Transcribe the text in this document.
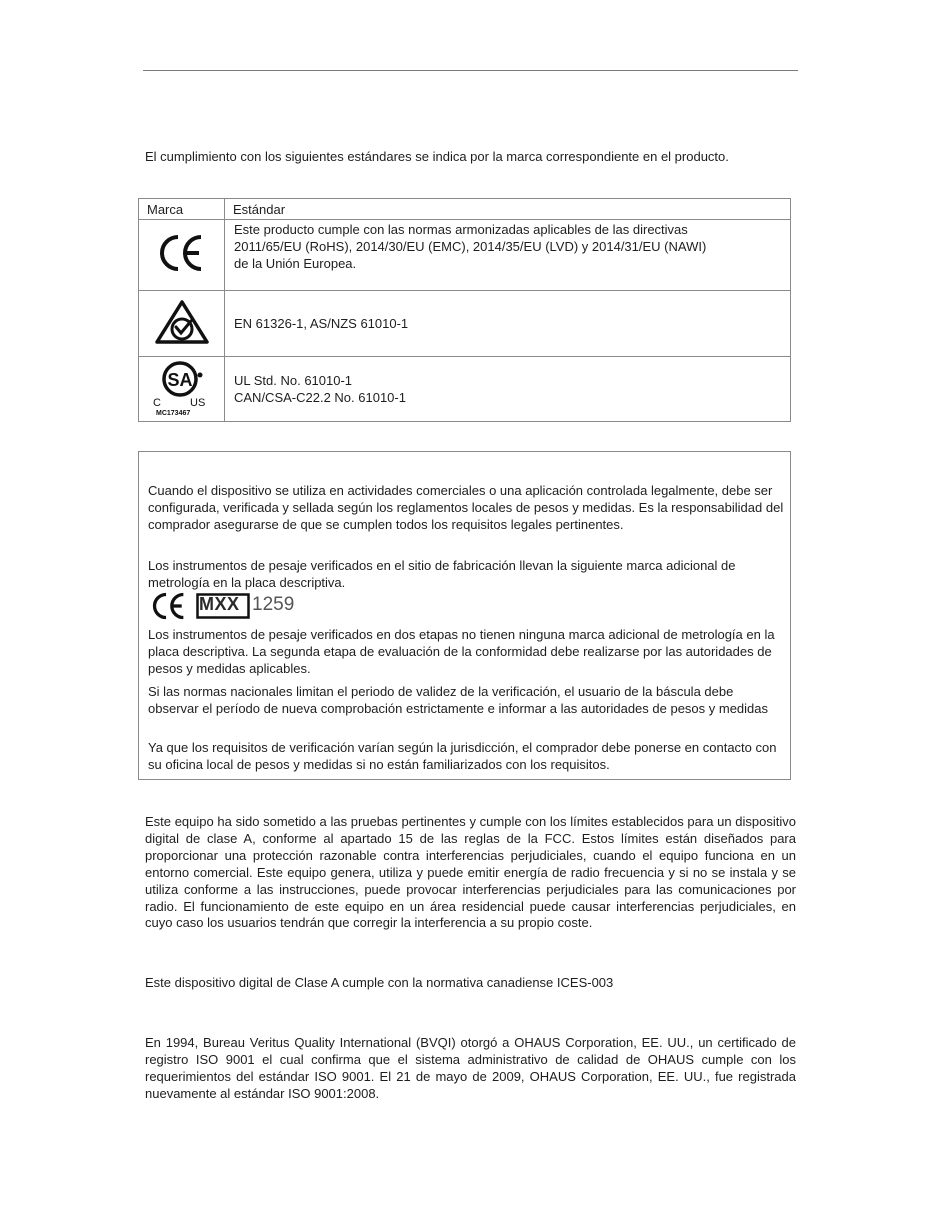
El cumplimiento con los siguientes estándares se indica por la marca correspondiente en el producto.

Marca	Estándar

Este producto cumple con las normas armonizadas aplicables de las directivas
2011/65/EU (RoHS), 2014/30/EU (EMC), 2014/35/EU (LVD) y 2014/31/EU (NAWI)
de la Unión Europea.

EN 61326-1, AS/NZS 61010-1

SA
C US
MC173467	UL Std. No. 61010-1
CAN/CSA-C22.2 No. 61010-1

Cuando el dispositivo se utiliza en actividades comerciales o una aplicación controlada legalmente, debe ser configurada, verificada y sellada según los reglamentos locales de pesos y medidas. Es la responsabilidad del comprador asegurarse de que se cumplen todos los requisitos legales pertinentes.

Los instrumentos de pesaje verificados en el sitio de fabricación llevan la siguiente marca adicional de metrología en la placa descriptiva.

MXX 1259

Los instrumentos de pesaje verificados en dos etapas no tienen ninguna marca adicional de metrología en la placa descriptiva. La segunda etapa de evaluación de la conformidad debe realizarse por las autoridades de pesos y medidas aplicables.

Si las normas nacionales limitan el periodo de validez de la verificación, el usuario de la báscula debe observar el período de nueva comprobación estrictamente e informar a las autoridades de pesos y medidas

Ya que los requisitos de verificación varían según la jurisdicción, el comprador debe ponerse en contacto con su oficina local de pesos y medidas si no están familiarizados con los requisitos.

Este equipo ha sido sometido a las pruebas pertinentes y cumple con los límites establecidos para un dispositivo digital de clase A, conforme al apartado 15 de las reglas de la FCC. Estos límites están diseñados para proporcionar una protección razonable contra interferencias perjudiciales, cuando el equipo funciona en un entorno comercial. Este equipo genera, utiliza y puede emitir energía de radio frecuencia y si no se instala y se utiliza conforme a las instrucciones, puede provocar interferencias perjudiciales para las comunicaciones por radio. El funcionamiento de este equipo en un área residencial puede causar interferencias perjudiciales, en cuyo caso los usuarios tendrán que corregir la interferencia a su propio coste.

Este dispositivo digital de Clase A cumple con la normativa canadiense ICES-003

En 1994, Bureau Veritus Quality International (BVQI) otorgó a OHAUS Corporation, EE. UU., un certificado de registro ISO 9001 el cual confirma que el sistema administrativo de calidad de OHAUS cumple con los requerimientos del estándar ISO 9001. El 21 de mayo de 2009, OHAUS Corporation, EE. UU., fue registrada nuevamente al estándar ISO 9001:2008.
